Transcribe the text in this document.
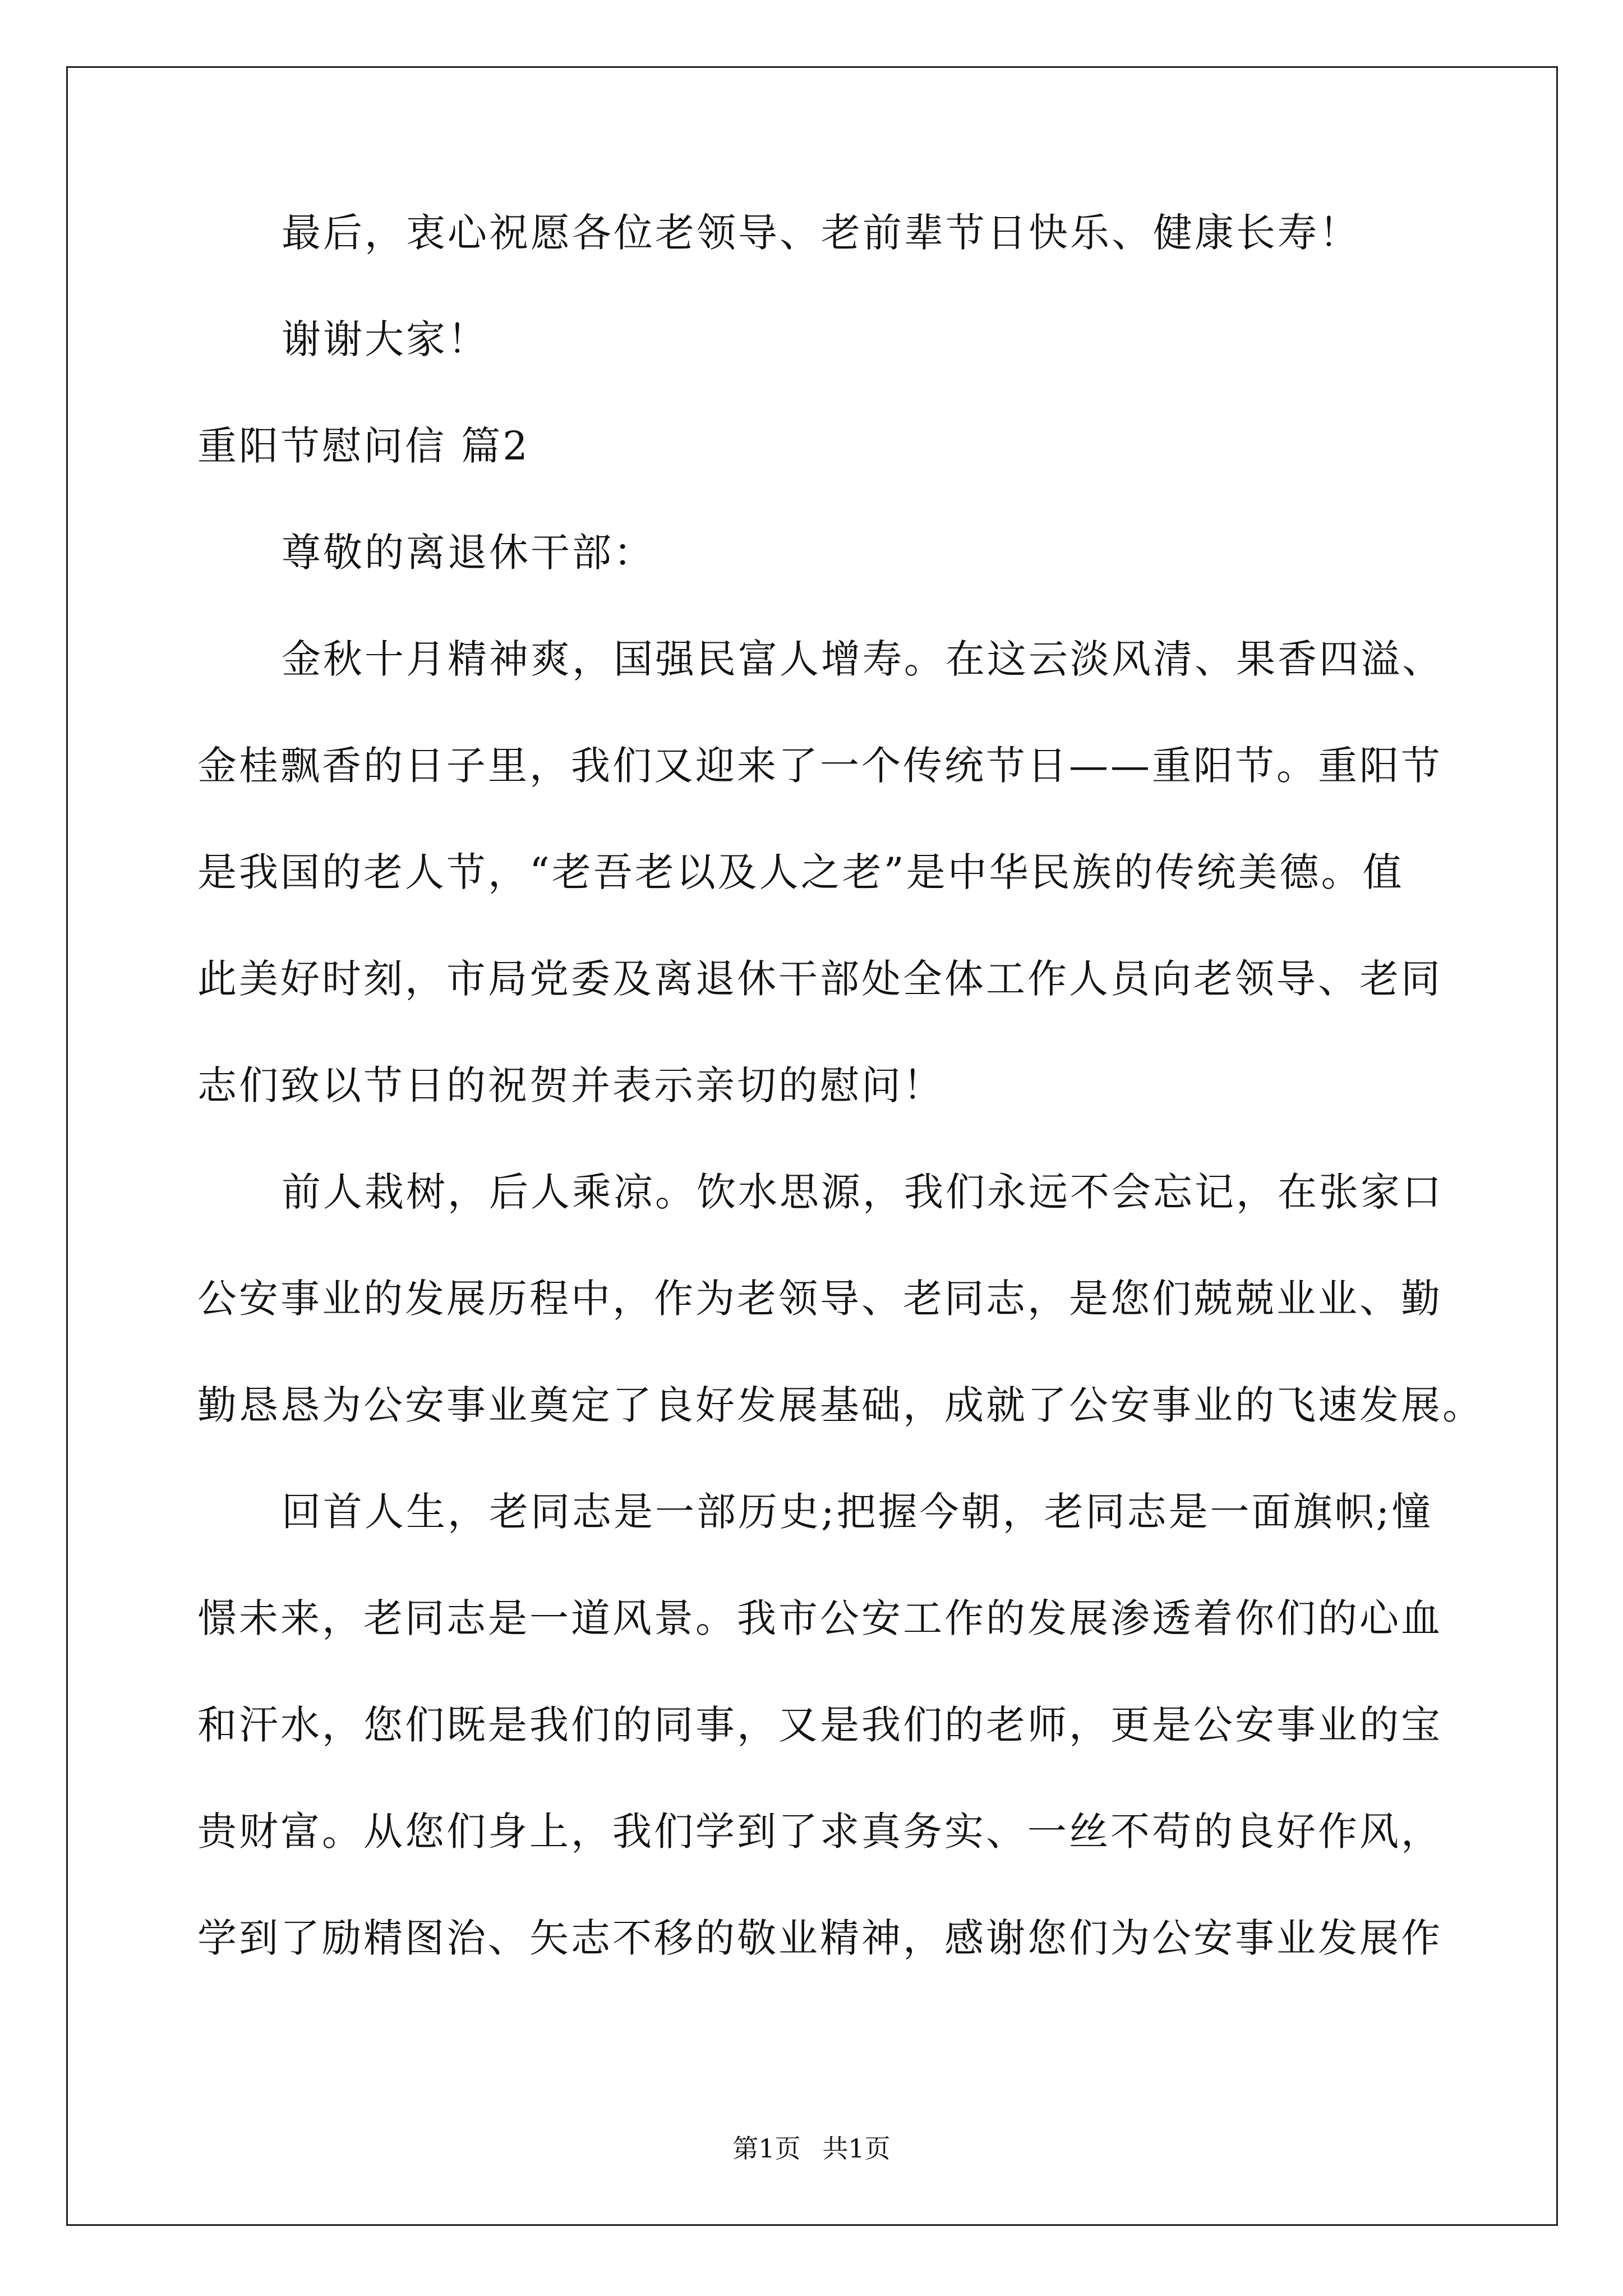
最后，衷心祝愿各位老领导、老前辈节日快乐、健康长寿！
谢谢大家！
重阳节慰问信 篇2
尊敬的离退休干部：
金秋十月精神爽，国强民富人增寿。在这云淡风清、果香四溢、
金桂飘香的日子里，我们又迎来了一个传统节日——重阳节。重阳节
是我国的老人节，“老吾老以及人之老”是中华民族的传统美德。值
此美好时刻，市局党委及离退休干部处全体工作人员向老领导、老同
志们致以节日的祝贺并表示亲切的慰问！
前人栽树，后人乘凉。饮水思源，我们永远不会忘记，在张家口
公安事业的发展历程中，作为老领导、老同志，是您们兢兢业业、勤
勤恳恳为公安事业奠定了良好发展基础，成就了公安事业的飞速发展。
回首人生，老同志是一部历史;把握今朝，老同志是一面旗帜;憧
憬未来，老同志是一道风景。我市公安工作的发展渗透着你们的心血
和汗水，您们既是我们的同事，又是我们的老师，更是公安事业的宝
贵财富。从您们身上，我们学到了求真务实、一丝不苟的良好作风，
学到了励精图治、矢志不移的敬业精神，感谢您们为公安事业发展作
第1页 共1页
